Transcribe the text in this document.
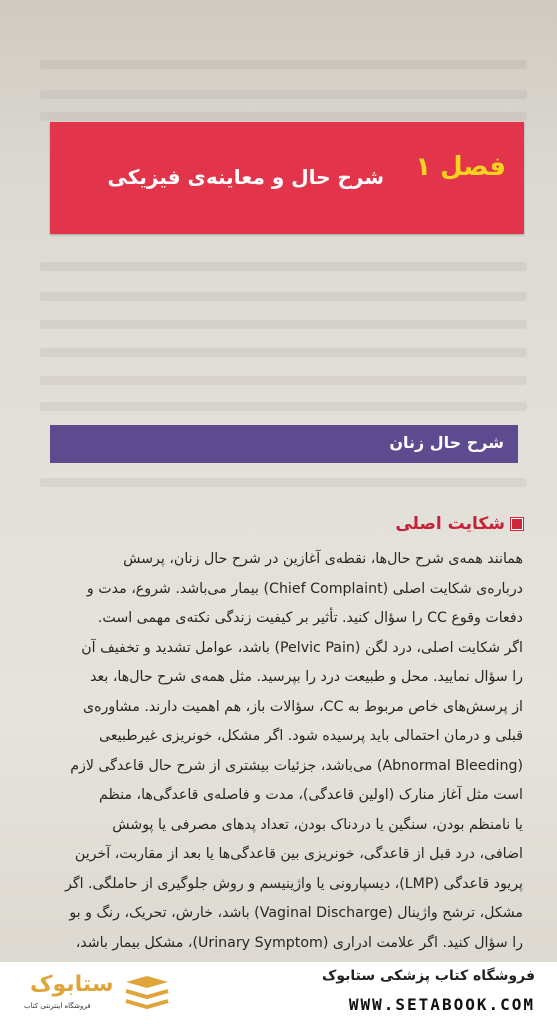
فصل ۱
شرح حال و معاینه‌ی فیزیکی
شرح حال زنان
شکایت اصلی
همانند همه‌ی شرح حال‌ها، نقطه‌ی آغازین در شرح حال زنان، پرسش
درباره‌ی شکایت اصلی (Chief Complaint) بیمار می‌باشد. شروع، مدت و
دفعات وقوع CC را سؤال کنید. تأثیر بر کیفیت زندگی نکته‌ی مهمی است.
اگر شکایت اصلی، درد لگن (Pelvic Pain) باشد، عوامل تشدید و تخفیف آن
را سؤال نمایید. محل و طبیعت درد را بپرسید. مثل همه‌ی شرح حال‌ها، بعد
از پرسش‌های خاص مربوط به CC، سؤالات باز، هم اهمیت دارند. مشاوره‌ی
قبلی و درمان احتمالی باید پرسیده شود. اگر مشکل، خونریزی غیرطبیعی
(Abnormal Bleeding) می‌باشد، جزئیات بیشتری از شرح حال قاعدگی لازم
است مثل آغاز منارک (اولین قاعدگی)، مدت و فاصله‌ی قاعدگی‌ها، منظم
یا نامنظم بودن، سنگین یا دردناک بودن، تعداد پدهای مصرفی یا پوشش
اضافی، درد قبل از قاعدگی، خونریزی بین قاعدگی‌ها یا بعد از مقاربت، آخرین
پریود قاعدگی (LMP)، دیسپارونی یا واژینیسم و روش جلوگیری از حاملگی. اگر
مشکل، ترشح واژینال (Vaginal Discharge) باشد، خارش، تحریک، رنگ و بو
را سؤال کنید. اگر علامت ادراری (Urinary Symptom)، مشکل بیمار باشد،
ستابوک
فروشگاه اینترنتی کتاب
فروشگاه کتاب پزشکی ستابوک
WWW.SETABOOK.COM
